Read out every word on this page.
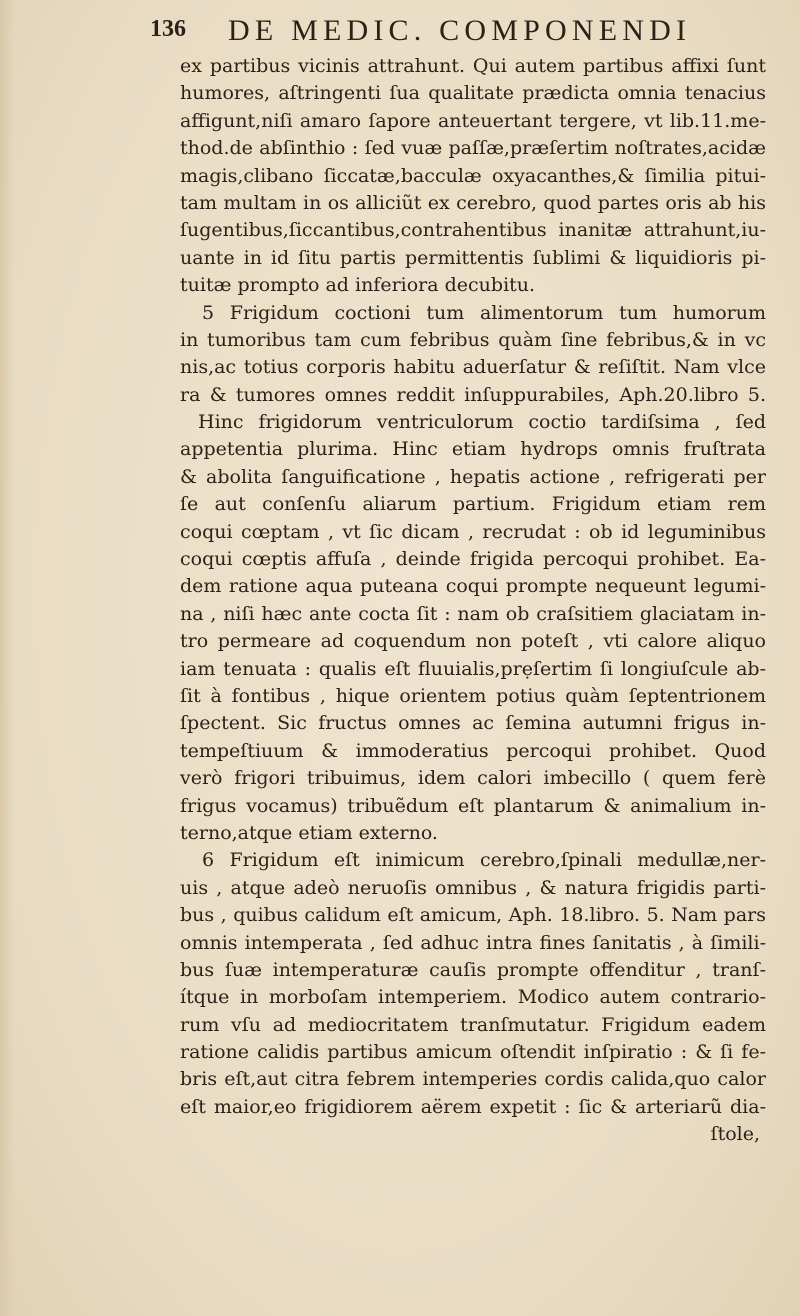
136 DE MEDIC. COMPONENDI
ex partibus vicinis attrahunt. Qui autem partibus affixi ſunt
humores, aſtringenti ſua qualitate prædicta omnia tenacius
affigunt,niſi amaro ſapore anteuertant tergere, vt lib.11.me-
thod.de abſinthio : ſed vuæ paſſæ,præſertim noſtrates,acidæ
magis,clibano ſiccatæ,bacculæ oxyacanthes,& ſimilia pitui-
tam multam in os alliciũt ex cerebro, quod partes oris ab his
ſugentibus,ſiccantibus,contrahentibus inanitæ attrahunt,iu-
uante in id ſitu partis permittentis ſublimi & liquidioris pi-
tuitæ prompto ad inferiora decubitu.
5 Frigidum coctioni tum alimentorum tum humorum
in tumoribus tam cum febribus quàm ſine febribus,& in vc
nis,ac totius corporis habitu aduerſatur & reſiſtit. Nam vlce
ra & tumores omnes reddit inſuppurabiles, Aph.20.libro 5.
Hinc frigidorum ventriculorum coctio tardiſsima , ſed
appetentia plurima. Hinc etiam hydrops omnis fruſtrata
& abolita ſanguificatione , hepatis actione , refrigerati per
ſe aut conſenſu aliarum partium. Frigidum etiam rem
coqui cœptam , vt ſic dicam , recrudat : ob id leguminibus
coqui cœptis affuſa , deinde frigida percoqui prohibet. Ea-
dem ratione aqua puteana coqui prompte nequeunt legumi-
na , niſi hæc ante cocta ſit : nam ob craſsitiem glaciatam in-
tro permeare ad coquendum non poteſt , vti calore aliquo
iam tenuata : qualis eſt fluuialis,prẹſertim ſi longiuſcule ab-
ſit à fontibus , hique orientem potius quàm ſeptentrionem
ſpectent. Sic fructus omnes ac ſemina autumni frigus in-
tempeſtiuum & immoderatius percoqui prohibet. Quod
verò frigori tribuimus, idem calori imbecillo ( quem ferè
frigus vocamus) tribuẽdum eſt plantarum & animalium in-
terno,atque etiam externo.
6 Frigidum eſt inimicum cerebro,ſpinali medullæ,ner-
uis , atque adeò neruoſis omnibus , & natura frigidis parti-
bus , quibus calidum eſt amicum, Aph. 18.libro. 5. Nam pars
omnis intemperata , ſed adhuc intra fines ſanitatis , à ſimili-
bus ſuæ intemperaturæ cauſis prompte offenditur , tranſ-
ítque in morboſam intemperiem. Modico autem contrario-
rum vſu ad mediocritatem tranſmutatur. Frigidum eadem
ratione calidis partibus amicum oſtendit inſpiratio : & ſi fe-
bris eſt,aut citra febrem intemperies cordis calida,quo calor
eſt maior,eo frigidiorem aërem expetit : ſic & arteriarũ dia-
ſtole,
